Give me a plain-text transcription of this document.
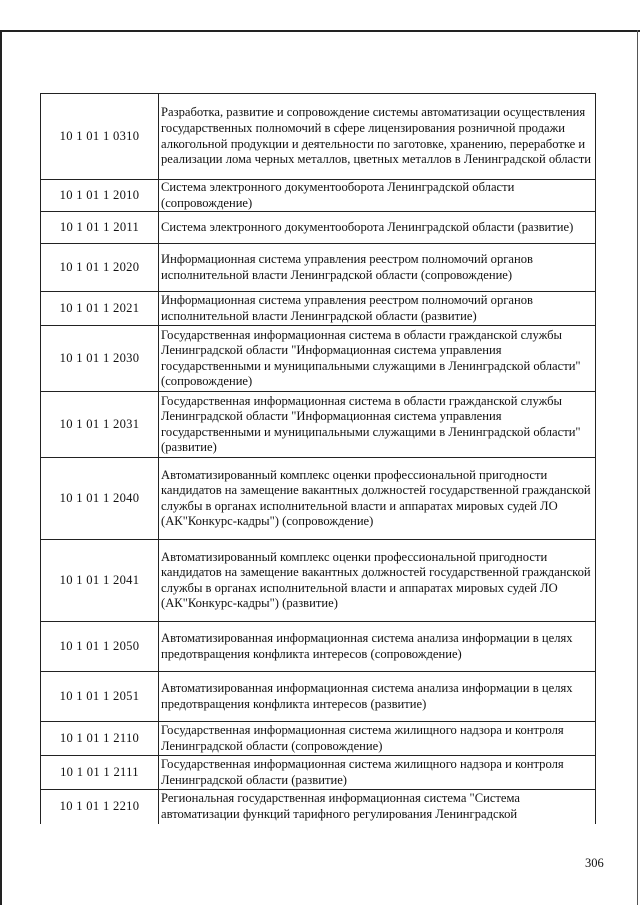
10 1 01 1 0310	Разработка, развитие и сопровождение системы автоматизации осуществления государственных полномочий в сфере лицензирования розничной продажи алкогольной продукции и деятельности по заготовке, хранению, переработке и реализации лома черных металлов, цветных металлов в Ленинградской области
10 1 01 1 2010	Система электронного документооборота Ленинградской области (сопровождение)
10 1 01 1 2011	Система электронного документооборота Ленинградской области (развитие)
10 1 01 1 2020	Информационная система управления реестром полномочий органов исполнительной власти Ленинградской области (сопровождение)
10 1 01 1 2021	Информационная система управления реестром полномочий органов исполнительной власти Ленинградской области (развитие)
10 1 01 1 2030	Государственная информационная система в области гражданской службы Ленинградской области "Информационная система управления государственными и муниципальными служащими в Ленинградской области" (сопровождение)
10 1 01 1 2031	Государственная информационная система в области гражданской службы Ленинградской области "Информационная система управления государственными и муниципальными служащими в Ленинградской области" (развитие)
10 1 01 1 2040	Автоматизированный комплекс оценки профессиональной пригодности кандидатов на замещение вакантных должностей государственной гражданской службы в органах исполнительной власти и аппаратах мировых судей ЛО (АК"Конкурс-кадры") (сопровождение)
10 1 01 1 2041	Автоматизированный комплекс оценки профессиональной пригодности кандидатов на замещение вакантных должностей государственной гражданской службы в органах исполнительной власти и аппаратах мировых судей ЛО (АК"Конкурс-кадры") (развитие)
10 1 01 1 2050	Автоматизированная информационная система анализа информации в целях предотвращения конфликта интересов (сопровождение)
10 1 01 1 2051	Автоматизированная информационная система анализа информации в целях предотвращения конфликта интересов (развитие)
10 1 01 1 2110	Государственная информационная система жилищного надзора и контроля Ленинградской области (сопровождение)
10 1 01 1 2111	Государственная информационная система жилищного надзора и контроля Ленинградской области (развитие)
10 1 01 1 2210	Региональная государственная информационная система "Система автоматизации функций тарифного регулирования Ленинградской
306
